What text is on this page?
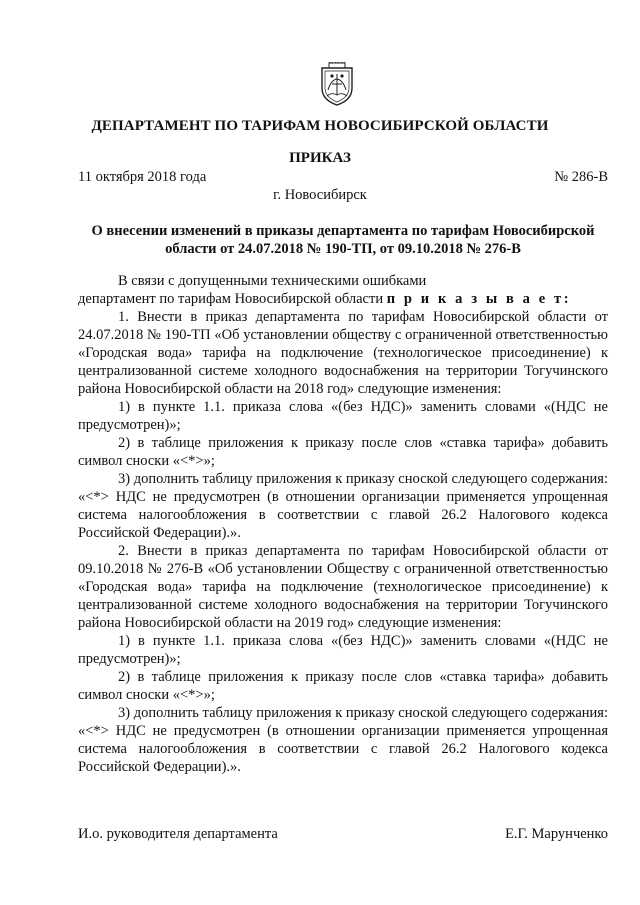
ДЕПАРТАМЕНТ ПО ТАРИФАМ НОВОСИБИРСКОЙ ОБЛАСТИ
ПРИКАЗ
11 октября 2018 года	№ 286-В
г. Новосибирск
О внесении изменений в приказы департамента по тарифам Новосибирской области от 24.07.2018 № 190-ТП, от 09.10.2018 № 276-В

В связи с допущенными техническими ошибками

департамент по тарифам Новосибирской области п р и к а з ы в а е т:

1. Внести в приказ департамента по тарифам Новосибирской области от 24.07.2018 № 190-ТП «Об установлении обществу с ограниченной ответственностью «Городская вода» тарифа на подключение (технологическое присоединение) к централизованной системе холодного водоснабжения на территории Тогучинского района Новосибирской области на 2018 год» следующие изменения:

1) в пункте 1.1. приказа слова «(без НДС)» заменить словами «(НДС не предусмотрен)»;

2) в таблице приложения к приказу после слов «ставка тарифа» добавить символ сноски «<*>»;

3) дополнить таблицу приложения к приказу сноской следующего содержания: «<*> НДС не предусмотрен (в отношении организации применяется упрощенная система налогообложения в соответствии с главой 26.2 Налогового кодекса Российской Федерации).».

2. Внести в приказ департамента по тарифам Новосибирской области от 09.10.2018 № 276-В «Об установлении Обществу с ограниченной ответственностью «Городская вода» тарифа на подключение (технологическое присоединение) к централизованной системе холодного водоснабжения на территории Тогучинского района Новосибирской области на 2019 год» следующие изменения:

1) в пункте 1.1. приказа слова «(без НДС)» заменить словами «(НДС не предусмотрен)»;

2) в таблице приложения к приказу после слов «ставка тарифа» добавить символ сноски «<*>»;

3) дополнить таблицу приложения к приказу сноской следующего содержания: «<*> НДС не предусмотрен (в отношении организации применяется упрощенная система налогообложения в соответствии с главой 26.2 Налогового кодекса Российской Федерации).».

И.о. руководителя департамента	Е.Г. Марунченко
